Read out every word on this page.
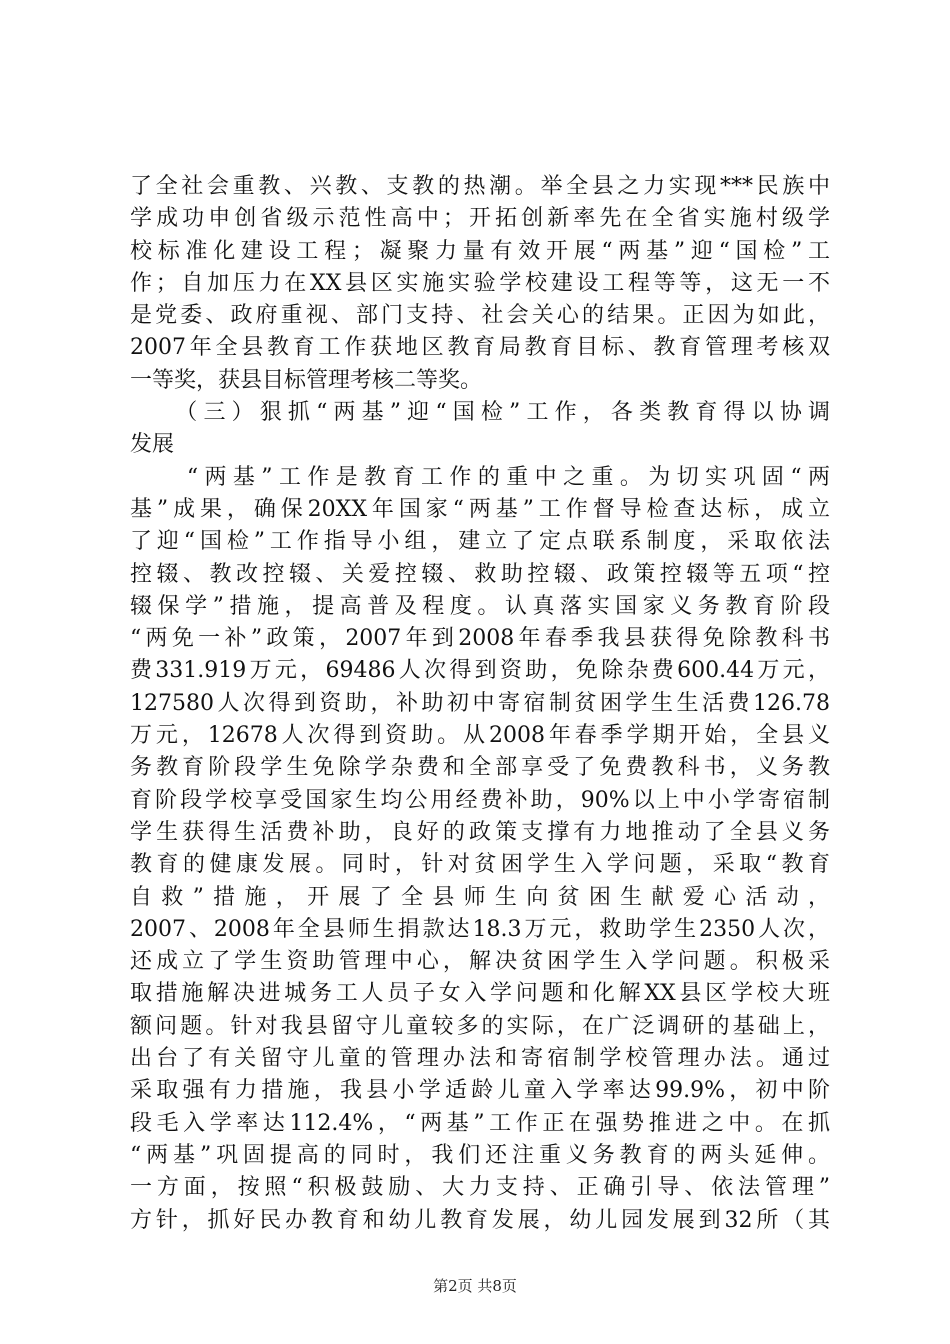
了全社会重教、兴教、支教的热潮。举全县之力实现***民族中
学成功申创省级示范性高中；开拓创新率先在全省实施村级学
校标准化建设工程；凝聚力量有效开展“两基”迎“国检”工
作；自加压力在XX县区实施实验学校建设工程等等，这无一不
是党委、政府重视、部门支持、社会关心的结果。正因为如此，
2007年全县教育工作获地区教育局教育目标、教育管理考核双
一等奖，获县目标管理考核二等奖。
　　（三）狠抓“两基”迎“国检”工作，各类教育得以协调
发展
　　“两基”工作是教育工作的重中之重。为切实巩固“两
基”成果，确保20XX年国家“两基”工作督导检查达标，成立
了迎“国检”工作指导小组，建立了定点联系制度，采取依法
控辍、教改控辍、关爱控辍、救助控辍、政策控辍等五项“控
辍保学”措施，提高普及程度。认真落实国家义务教育阶段
“两免一补”政策，2007年到2008年春季我县获得免除教科书
费331.919万元，69486人次得到资助，免除杂费600.44万元，
127580人次得到资助，补助初中寄宿制贫困学生生活费126.78
万元，12678人次得到资助。从2008年春季学期开始，全县义
务教育阶段学生免除学杂费和全部享受了免费教科书，义务教
育阶段学校享受国家生均公用经费补助，90%以上中小学寄宿制
学生获得生活费补助，良好的政策支撑有力地推动了全县义务
教育的健康发展。同时，针对贫困学生入学问题，采取“教育
自救”措施，开展了全县师生向贫困生献爱心活动，
2007、2008年全县师生捐款达18.3万元，救助学生2350人次，
还成立了学生资助管理中心，解决贫困学生入学问题。积极采
取措施解决进城务工人员子女入学问题和化解XX县区学校大班
额问题。针对我县留守儿童较多的实际，在广泛调研的基础上，
出台了有关留守儿童的管理办法和寄宿制学校管理办法。通过
采取强有力措施，我县小学适龄儿童入学率达99.9%，初中阶
段毛入学率达112.4%，“两基”工作正在强势推进之中。在抓
“两基”巩固提高的同时，我们还注重义务教育的两头延伸。
一方面，按照“积极鼓励、大力支持、正确引导、依法管理”
方针，抓好民办教育和幼儿教育发展，幼儿园发展到32所（其
第2页 共8页
